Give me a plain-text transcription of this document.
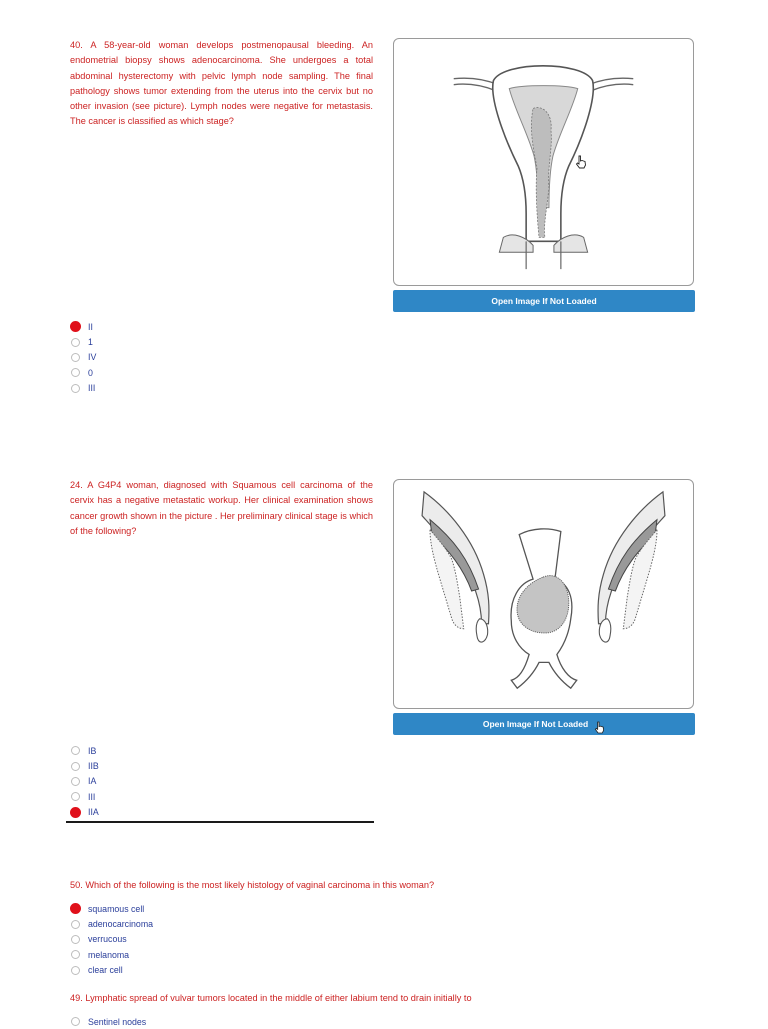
40. A 58-year-old woman develops postmenopausal bleeding. An endometrial biopsy shows adenocarcinoma. She undergoes a total abdominal hysterectomy with pelvic lymph node sampling. The final pathology shows tumor extending from the uterus into the cervix but no other invasion (see picture). Lymph nodes were negative for metastasis. The cancer is classified as which stage?

Open Image If Not Loaded
II
1
IV
0
III

24. A G4P4 woman, diagnosed with Squamous cell carcinoma of the cervix has a negative metastatic workup. Her clinical examination shows cancer growth shown in the picture . Her preliminary clinical stage is which of the following?

Open Image If Not Loaded
IB
IIB
IA
III
IIA

50. Which of the following is the most likely histology of vaginal carcinoma in this woman?

squamous cell
adenocarcinoma
verrucous
melanoma
clear cell

49. Lymphatic spread of vulvar tumors located in the middle of either labium tend to drain initially to

Sentinel nodes
